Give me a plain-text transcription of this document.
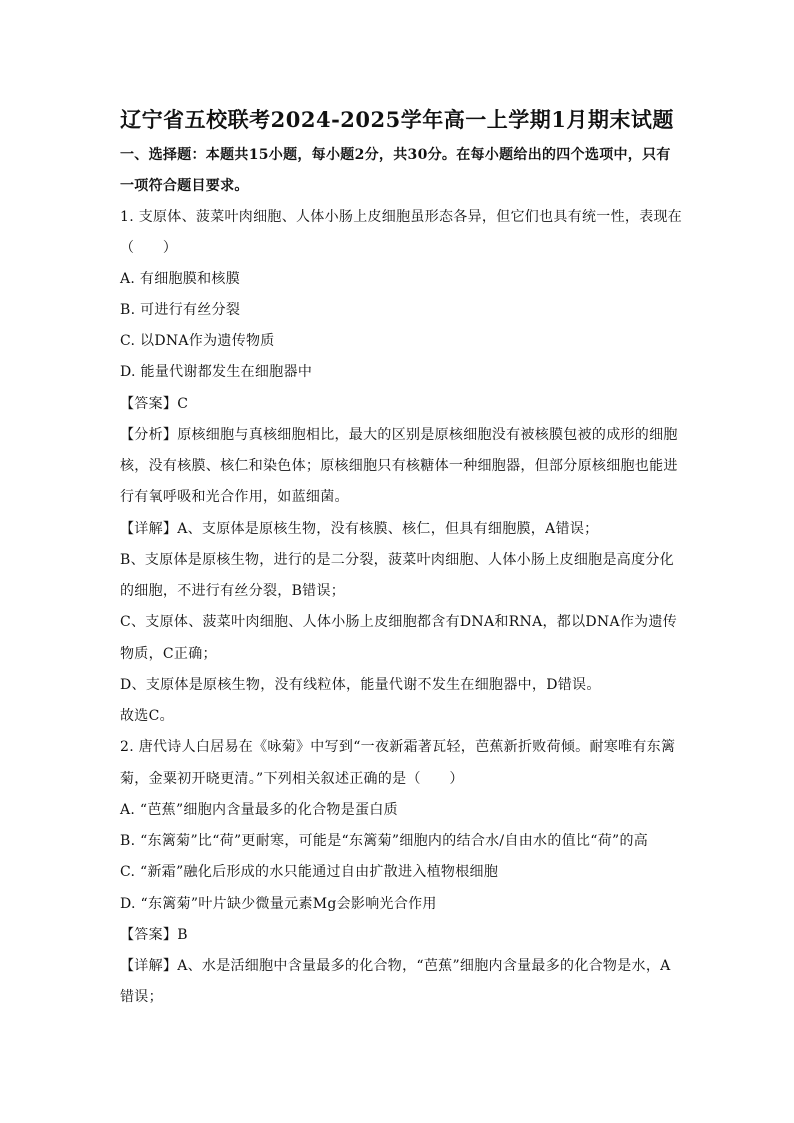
辽宁省五校联考2024-2025学年高一上学期1月期末试题
一、选择题：本题共15小题，每小题2分，共30分。在每小题给出的四个选项中，只有
一项符合题目要求。
1. 支原体、菠菜叶肉细胞、人体小肠上皮细胞虽形态各异，但它们也具有统一性，表现在
（　　）
A. 有细胞膜和核膜
B. 可进行有丝分裂
C. 以DNA作为遗传物质
D. 能量代谢都发生在细胞器中
【答案】C
【分析】原核细胞与真核细胞相比，最大的区别是原核细胞没有被核膜包被的成形的细胞
核，没有核膜、核仁和染色体；原核细胞只有核糖体一种细胞器，但部分原核细胞也能进
行有氧呼吸和光合作用，如蓝细菌。
【详解】A、支原体是原核生物，没有核膜、核仁，但具有细胞膜，A错误；
B、支原体是原核生物，进行的是二分裂，菠菜叶肉细胞、人体小肠上皮细胞是高度分化
的细胞，不进行有丝分裂，B错误；
C、支原体、菠菜叶肉细胞、人体小肠上皮细胞都含有DNA和RNA，都以DNA作为遗传
物质，C正确；
D、支原体是原核生物，没有线粒体，能量代谢不发生在细胞器中，D错误。
故选C。
2. 唐代诗人白居易在《咏菊》中写到“一夜新霜著瓦轻，芭蕉新折败荷倾。耐寒唯有东篱
菊，金粟初开晓更清。”下列相关叙述正确的是（　　）
A. “芭蕉”细胞内含量最多的化合物是蛋白质
B. “东篱菊”比“荷”更耐寒，可能是“东篱菊”细胞内的结合水/自由水的值比“荷”的高
C. “新霜”融化后形成的水只能通过自由扩散进入植物根细胞
D. “东篱菊”叶片缺少微量元素Mg会影响光合作用
【答案】B
【详解】A、水是活细胞中含量最多的化合物，“芭蕉”细胞内含量最多的化合物是水，A
错误；
